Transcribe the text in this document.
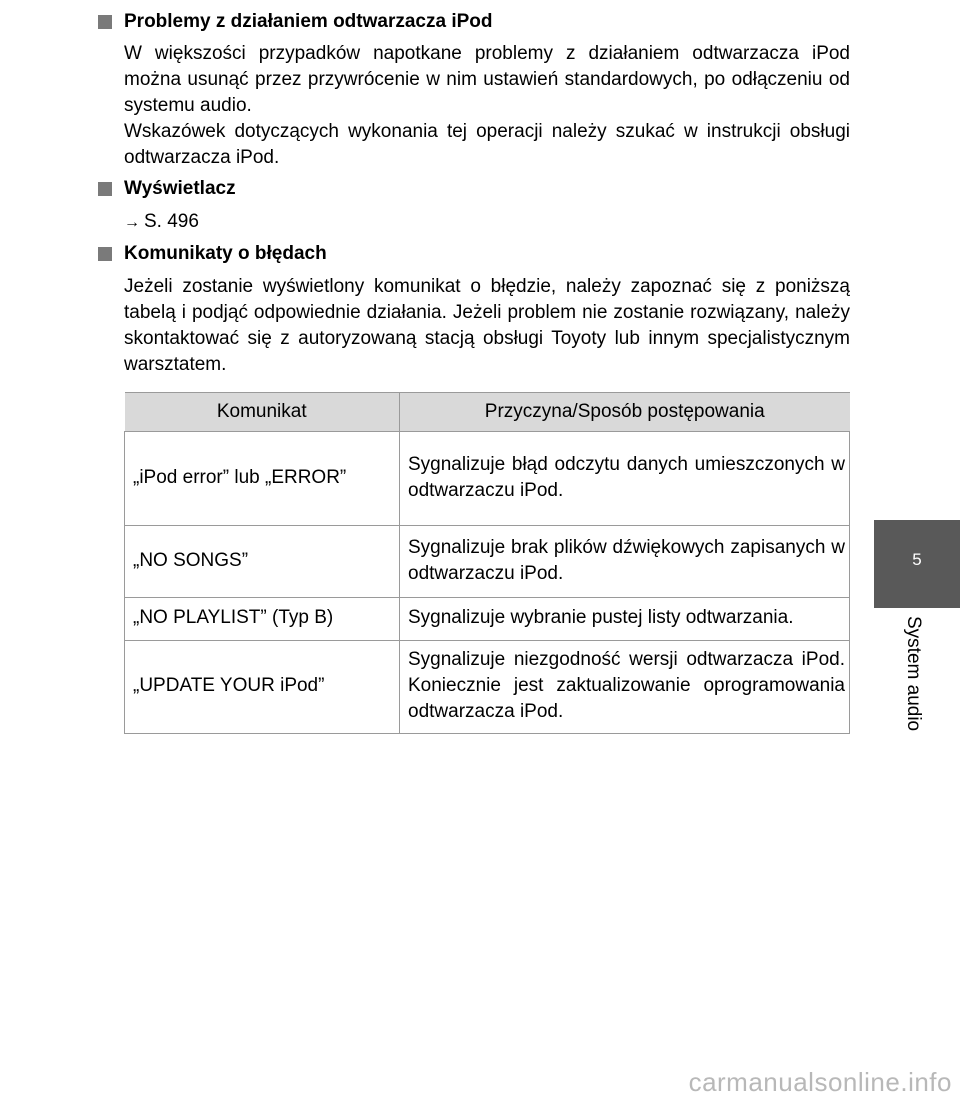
Problemy z działaniem odtwarzacza iPod

W większości przypadków napotkane problemy z działaniem odtwarzacza iPod można usunąć przez przywrócenie w nim ustawień standardowych, po odłączeniu od systemu audio.

Wskazówek dotyczących wykonania tej operacji należy szukać w instrukcji obsługi odtwarzacza iPod.

Wyświetlacz
→ S. 496
Komunikaty o błędach

Jeżeli zostanie wyświetlony komunikat o błędzie, należy zapoznać się z poniższą tabelą i podjąć odpowiednie działania. Jeżeli problem nie zostanie rozwiązany, należy skontaktować się z autoryzowaną stacją obsługi Toyoty lub innym specjalistycznym warsztatem.

Komunikat	Przyczyna/Sposób postępowania
„iPod error” lub „ERROR”	Sygnalizuje błąd odczytu danych umieszczonych w odtwarzaczu iPod.
„NO SONGS”	Sygnalizuje brak plików dźwiękowych zapisanych w odtwarzaczu iPod.
„NO PLAYLIST” (Typ B)	Sygnalizuje wybranie pustej listy odtwarzania.
„UPDATE YOUR iPod”	Sygnalizuje niezgodność wersji odtwarzacza iPod. Koniecznie jest zaktualizowanie oprogramowania odtwarzacza iPod.
5
System audio
carmanualsonline.info
